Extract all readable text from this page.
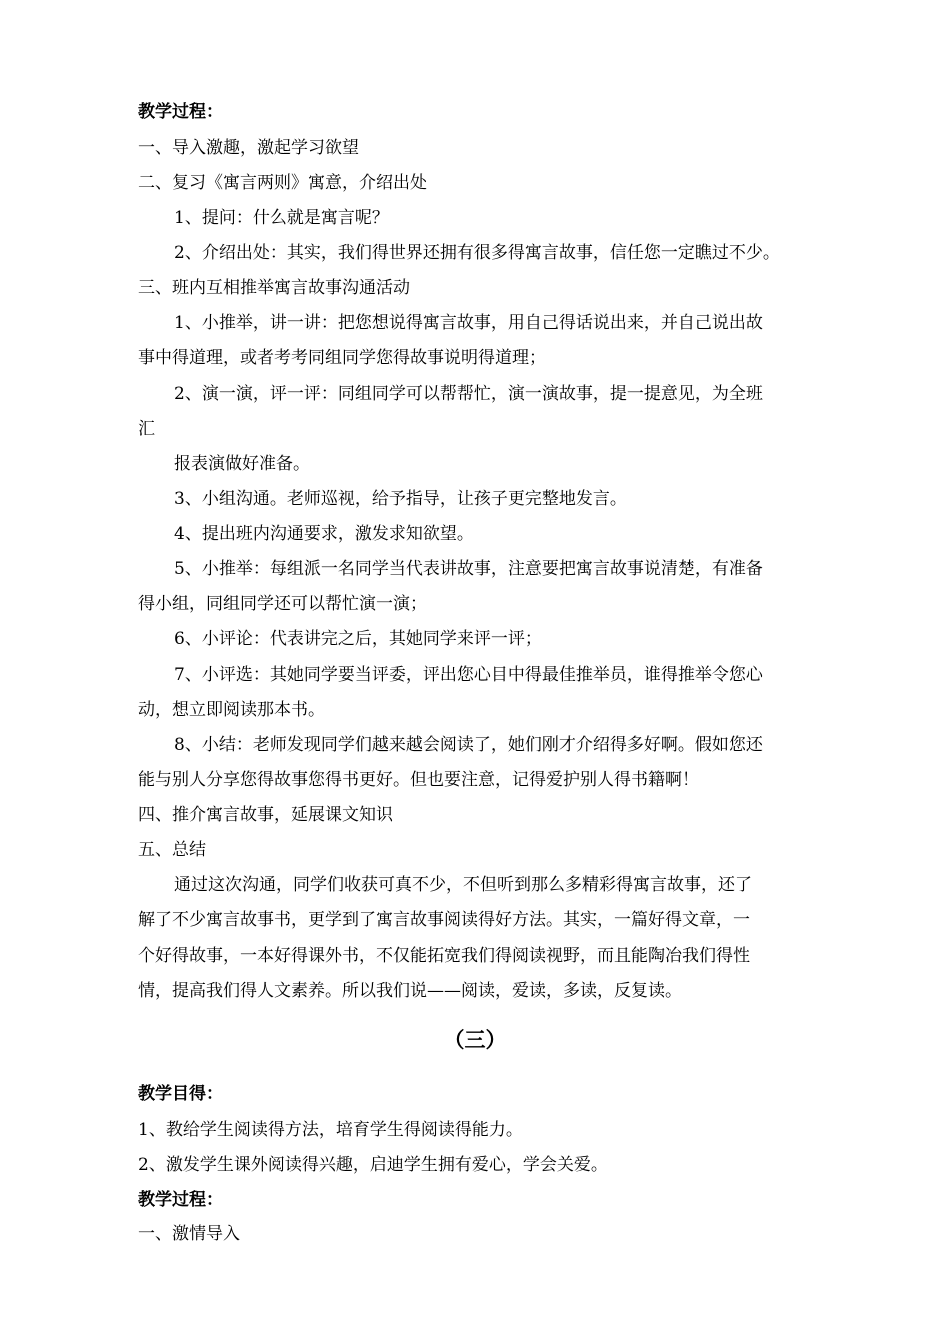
教学过程：
一、导入激趣，激起学习欲望
二、复习《寓言两则》寓意，介绍出处
1、提问：什么就是寓言呢？
2、介绍出处：其实，我们得世界还拥有很多得寓言故事，信任您一定瞧过不少。
三、班内互相推举寓言故事沟通活动
1、小推举，讲一讲：把您想说得寓言故事，用自己得话说出来，并自己说出故
事中得道理，或者考考同组同学您得故事说明得道理；
2、演一演，评一评：同组同学可以帮帮忙，演一演故事，提一提意见，为全班
汇
报表演做好准备。
3、小组沟通。老师巡视，给予指导，让孩子更完整地发言。
4、提出班内沟通要求，激发求知欲望。
5、小推举：每组派一名同学当代表讲故事，注意要把寓言故事说清楚，有准备
得小组，同组同学还可以帮忙演一演；
6、小评论：代表讲完之后，其她同学来评一评；
7、小评选：其她同学要当评委，评出您心目中得最佳推举员，谁得推举令您心
动，想立即阅读那本书。
8、小结：老师发现同学们越来越会阅读了，她们刚才介绍得多好啊。假如您还
能与别人分享您得故事您得书更好。但也要注意，记得爱护别人得书籍啊！
四、推介寓言故事，延展课文知识
五、总结
通过这次沟通，同学们收获可真不少，不但听到那么多精彩得寓言故事，还了
解了不少寓言故事书，更学到了寓言故事阅读得好方法。其实，一篇好得文章，一
个好得故事，一本好得课外书，不仅能拓宽我们得阅读视野，而且能陶冶我们得性
情，提高我们得人文素养。所以我们说——阅读，爱读，多读，反复读。
（三）
教学目得：
1、教给学生阅读得方法，培育学生得阅读得能力。
2、激发学生课外阅读得兴趣，启迪学生拥有爱心，学会关爱。
教学过程：
一、激情导入
